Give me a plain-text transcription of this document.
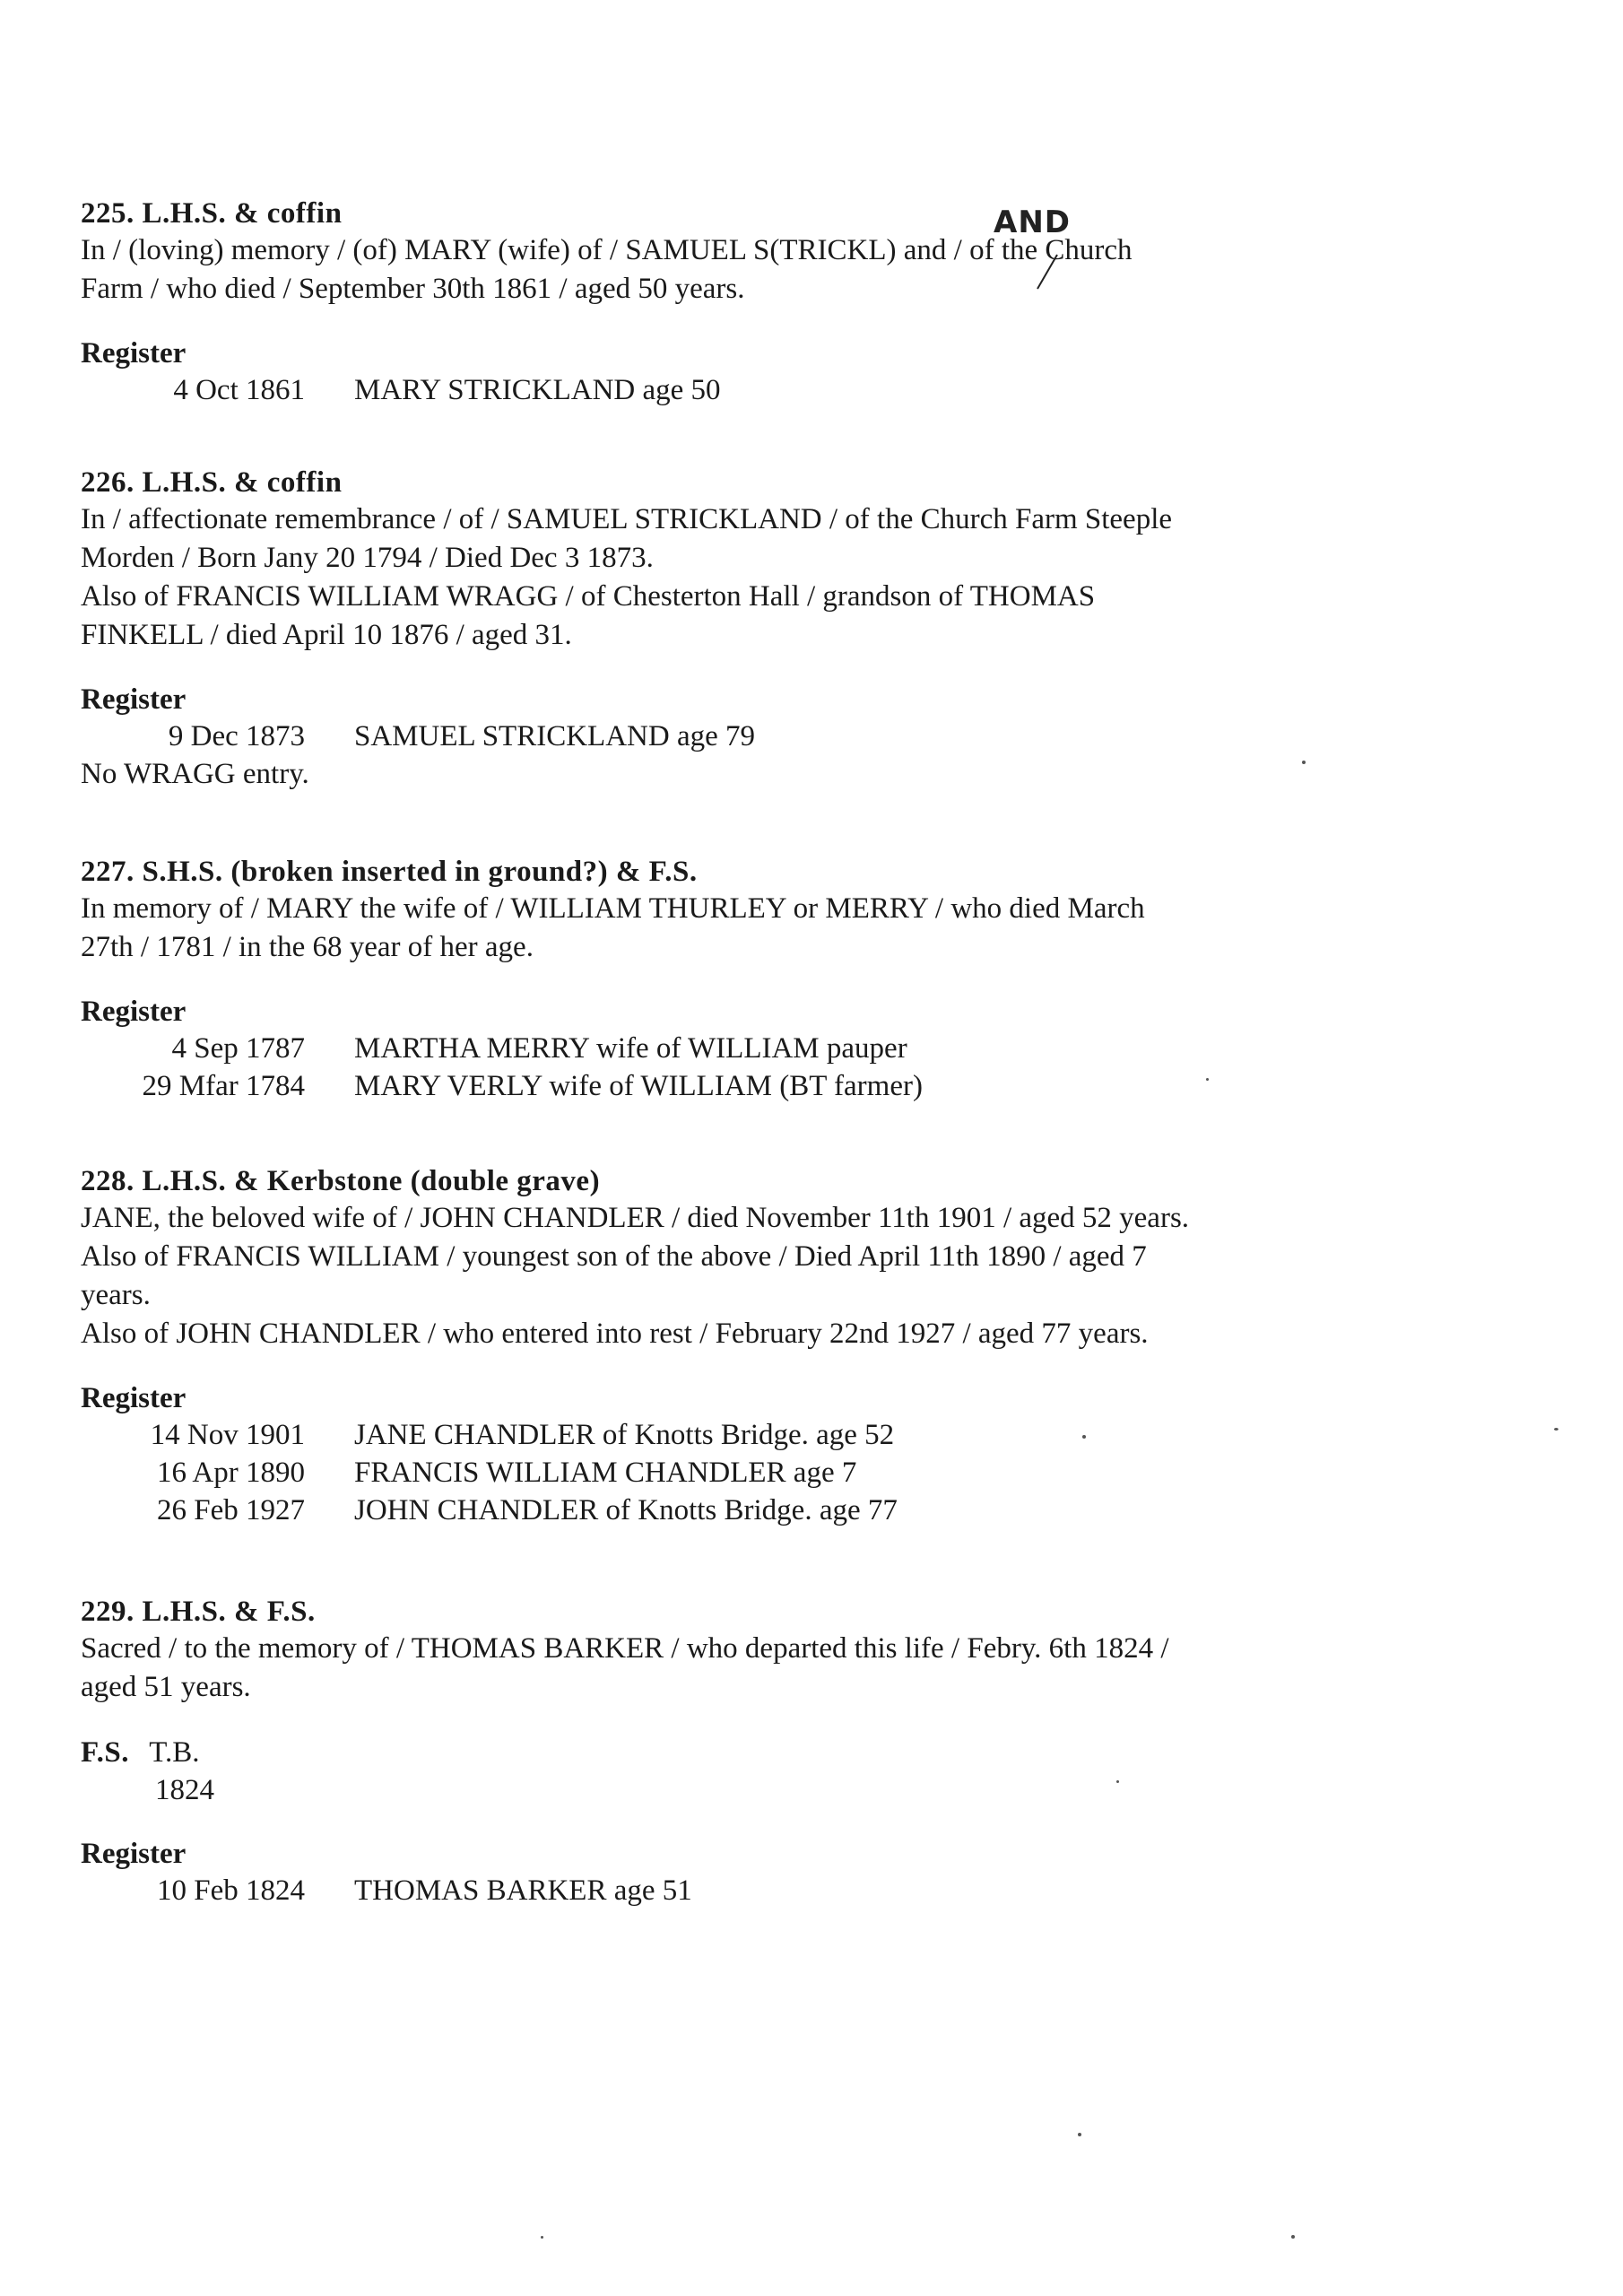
225. L.H.S. & coffin
In / (loving) memory / (of) MARY (wife) of / SAMUEL S(TRICKL) and / of the Church
Farm / who died / September 30th 1861 / aged 50 years.
Register
4 Oct 1861 MARY STRICKLAND age 50
226. L.H.S. & coffin
In / affectionate remembrance / of / SAMUEL STRICKLAND / of the Church Farm Steeple
Morden / Born Jany 20 1794 / Died Dec 3 1873.
Also of FRANCIS WILLIAM WRAGG / of Chesterton Hall / grandson of THOMAS
FINKELL / died April 10 1876 / aged 31.
Register
9 Dec 1873 SAMUEL STRICKLAND age 79
No WRAGG entry.
227. S.H.S. (broken inserted in ground?) & F.S.
In memory of / MARY the wife of / WILLIAM THURLEY or MERRY / who died March
27th / 1781 / in the 68 year of her age.
Register
4 Sep 1787 MARTHA MERRY wife of WILLIAM pauper
29 Mfar 1784 MARY VERLY wife of WILLIAM (BT farmer)
228. L.H.S. & Kerbstone (double grave)
JANE, the beloved wife of / JOHN CHANDLER / died November 11th 1901 / aged 52 years.
Also of FRANCIS WILLIAM / youngest son of the above / Died April 11th 1890 / aged 7
years.
Also of JOHN CHANDLER / who entered into rest / February 22nd 1927 / aged 77 years.
Register
14 Nov 1901 JANE CHANDLER of Knotts Bridge. age 52
16 Apr 1890 FRANCIS WILLIAM CHANDLER age 7
26 Feb 1927 JOHN CHANDLER of Knotts Bridge. age 77
229. L.H.S. & F.S.
Sacred / to the memory of / THOMAS BARKER / who departed this life / Febry. 6th 1824 /
aged 51 years.
F.S. T.B.
1824
Register
10 Feb 1824 THOMAS BARKER age 51
AND
